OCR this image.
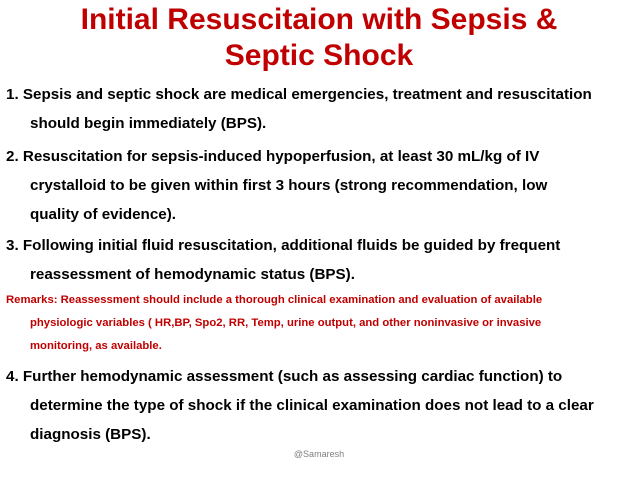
Initial Resuscitaion with Sepsis &
Septic Shock
1. Sepsis and septic shock are medical emergencies, treatment and resuscitation
should begin immediately (BPS).
2. Resuscitation for sepsis-induced hypoperfusion, at least 30 mL/kg of IV
crystalloid to be given within first 3 hours (strong recommendation, low
quality of evidence).
3. Following initial fluid resuscitation, additional fluids be guided by frequent
reassessment of hemodynamic status (BPS).
Remarks: Reassessment should include a thorough clinical examination and evaluation of available
physiologic variables ( HR,BP, Spo2, RR, Temp, urine output, and other noninvasive or invasive
monitoring, as available.
4. Further hemodynamic assessment (such as assessing cardiac function) to
determine the type of shock if the clinical examination does not lead to a clear
diagnosis (BPS).
@Samaresh
